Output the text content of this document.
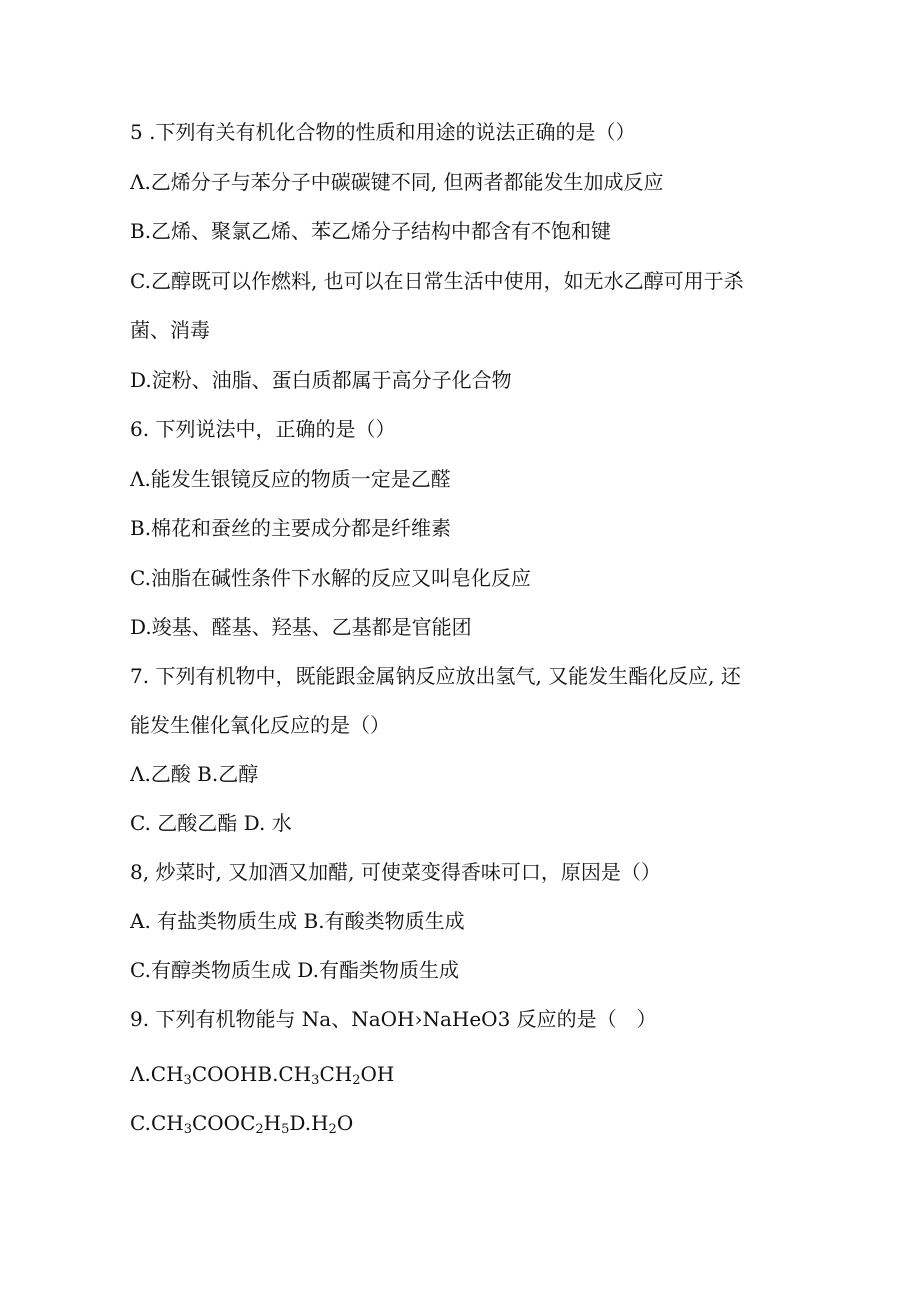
5 .下列有关有机化合物的性质和用途的说法正确的是（）
Λ.乙烯分子与苯分子中碳碳键不同, 但两者都能发生加成反应
B.乙烯、聚氯乙烯、苯乙烯分子结构中都含有不饱和键
C.乙醇既可以作燃料, 也可以在日常生活中使用，如无水乙醇可用于杀
菌、消毒
D.淀粉、油脂、蛋白质都属于高分子化合物
6. 下列说法中，正确的是（）
Λ.能发生银镜反应的物质一定是乙醛
B.棉花和蚕丝的主要成分都是纤维素
C.油脂在碱性条件下水解的反应又叫皂化反应
D.竣基、醛基、羟基、乙基都是官能团
7. 下列有机物中，既能跟金属钠反应放出氢气, 又能发生酯化反应, 还
能发生催化氧化反应的是（）
Λ.乙酸 B.乙醇
C. 乙酸乙酯 D. 水
8, 炒菜时, 又加酒又加醋, 可使菜变得香味可口，原因是（）
A. 有盐类物质生成 B.有酸类物质生成
C.有醇类物质生成 D.有酯类物质生成
9. 下列有机物能与 Na、NaOH›NaHeO3 反应的是（　）
$\Lambda.CH_3COOHB.CH_3CH_2OH$
$C.CH_3COOC_2H_5D.H_2O$
